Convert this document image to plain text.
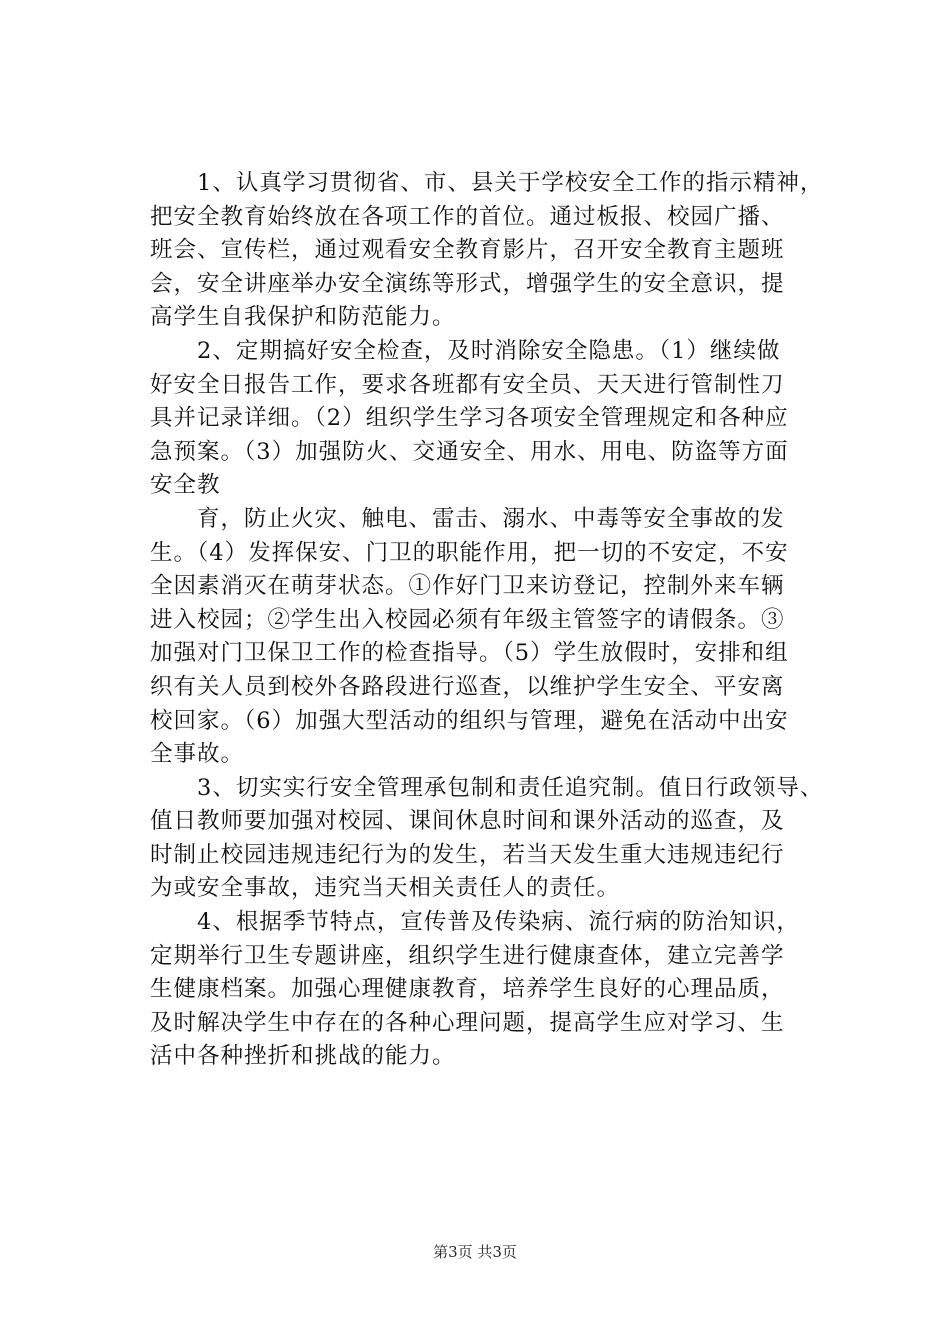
　　1、认真学习贯彻省、市、县关于学校安全工作的指示精神，
把安全教育始终放在各项工作的首位。通过板报、校园广播、
班会、宣传栏，通过观看安全教育影片，召开安全教育主题班
会，安全讲座举办安全演练等形式，增强学生的安全意识，提
高学生自我保护和防范能力。
　　2、定期搞好安全检查，及时消除安全隐患。（1）继续做
好安全日报告工作，要求各班都有安全员、天天进行管制性刀
具并记录详细。（2）组织学生学习各项安全管理规定和各种应
急预案。（3）加强防火、交通安全、用水、用电、防盗等方面
安全教
　　育，防止火灾、触电、雷击、溺水、中毒等安全事故的发
生。（4）发挥保安、门卫的职能作用，把一切的不安定，不安
全因素消灭在萌芽状态。①作好门卫来访登记，控制外来车辆
进入校园；②学生出入校园必须有年级主管签字的请假条。③
加强对门卫保卫工作的检查指导。（5）学生放假时，安排和组
织有关人员到校外各路段进行巡查，以维护学生安全、平安离
校回家。（6）加强大型活动的组织与管理，避免在活动中出安
全事故。
　　3、切实实行安全管理承包制和责任追究制。值日行政领导、
值日教师要加强对校园、课间休息时间和课外活动的巡查，及
时制止校园违规违纪行为的发生，若当天发生重大违规违纪行
为或安全事故，违究当天相关责任人的责任。
　　4、根据季节特点，宣传普及传染病、流行病的防治知识，
定期举行卫生专题讲座，组织学生进行健康查体，建立完善学
生健康档案。加强心理健康教育，培养学生良好的心理品质，
及时解决学生中存在的各种心理问题，提高学生应对学习、生
活中各种挫折和挑战的能力。
第3页 共3页
